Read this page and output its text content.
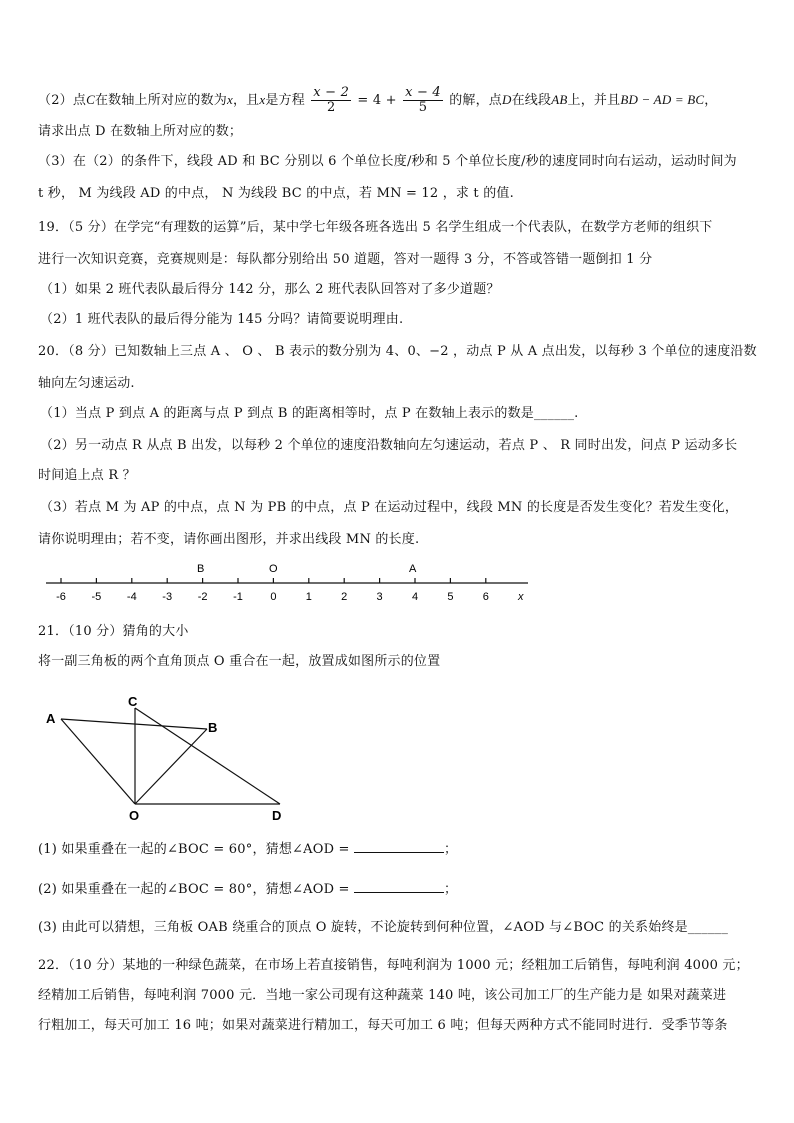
（2）点C在数轴上所对应的数为x，且x是方程 $\frac{x - 2}{2} = 4 + \frac{x - 4}{5}$ 的解，点D在线段AB上，并且BD − AD = BC，
请求出点 D 在数轴上所对应的数；
（3）在（2）的条件下，线段 AD 和 BC 分别以 6 个单位长度/秒和 5 个单位长度/秒的速度同时向右运动，运动时间为
t 秒， M 为线段 AD 的中点， N 为线段 BC 的中点，若 MN = 12 ，求 t 的值.
19．（5 分）在学完“有理数的运算”后，某中学七年级各班各选出 5 名学生组成一个代表队，在数学方老师的组织下
进行一次知识竞赛，竞赛规则是：每队都分别给出 50 道题，答对一题得 3 分，不答或答错一题倒扣 1 分
（1）如果 2 班代表队最后得分 142 分，那么 2 班代表队回答对了多少道题？
（2）1 班代表队的最后得分能为 145 分吗？请简要说明理由.
20．（8 分）已知数轴上三点 A 、 O 、 B 表示的数分别为 4、0、−2 ，动点 P 从 A 点出发，以每秒 3 个单位的速度沿数
轴向左匀速运动.
（1）当点 P 到点 A 的距离与点 P 到点 B 的距离相等时，点 P 在数轴上表示的数是______.
（2）另一动点 R 从点 B 出发，以每秒 2 个单位的速度沿数轴向左匀速运动，若点 P 、 R 同时出发，问点 P 运动多长
时间追上点 R ？
（3）若点 M 为 AP 的中点，点 N 为 PB 的中点，点 P 在运动过程中，线段 MN 的长度是否发生变化？若发生变化，
请你说明理由；若不变，请你画出图形，并求出线段 MN 的长度.
-6 -5 -4 -3 -2 -1 0	1	2	3	4	5	6	x
B	O	A
21．（10 分）猜角的大小
将一副三角板的两个直角顶点 O 重合在一起，放置成如图所示的位置
A
C
B
O	D
(1) 如果重叠在一起的∠BOC = 60°，猜想∠AOD =	；
(2) 如果重叠在一起的∠BOC = 80°，猜想∠AOD =	；
(3) 由此可以猜想，三角板 OAB 绕重合的顶点 O 旋转，不论旋转到何种位置，∠AOD 与∠BOC 的关系始终是______
22．（10 分）某地的一种绿色蔬菜，在市场上若直接销售，每吨利润为 1000 元；经粗加工后销售，每吨利润 4000 元；
经精加工后销售，每吨利润 7000 元．当地一家公司现有这种蔬菜 140 吨，该公司加工厂的生产能力是 如果对蔬菜进
行粗加工，每天可加工 16 吨；如果对蔬菜进行精加工，每天可加工 6 吨；但每天两种方式不能同时进行．受季节等条
